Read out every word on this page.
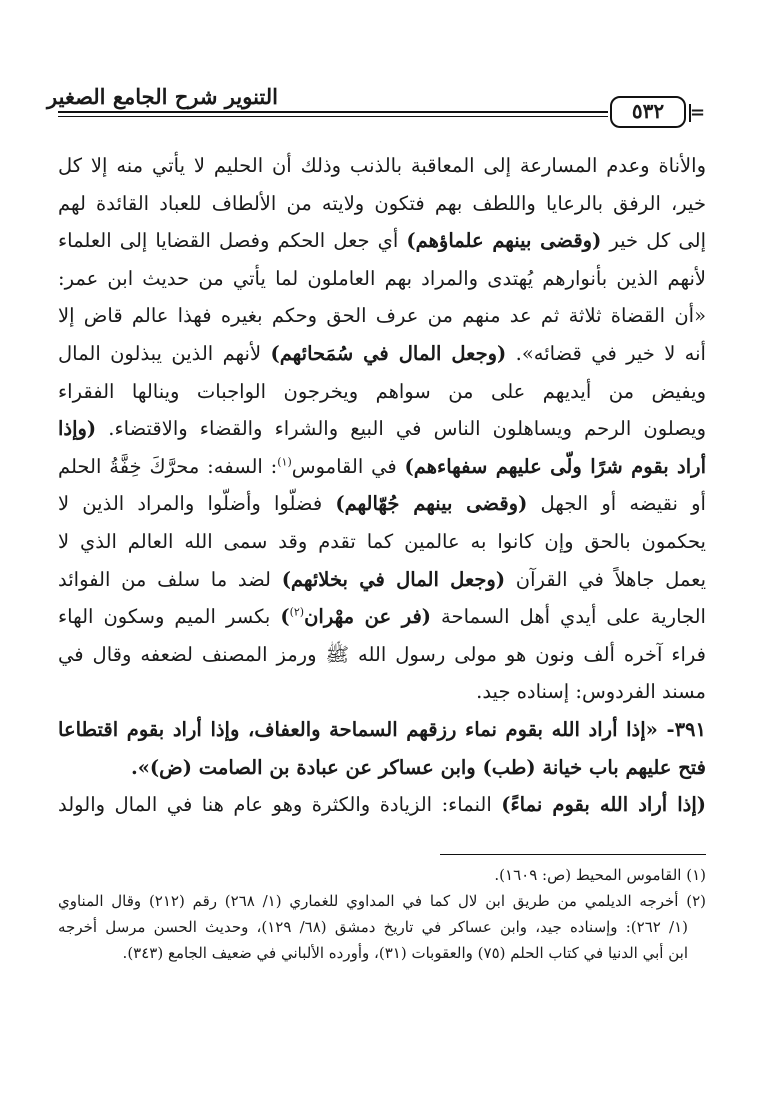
التنوير شرح الجامع الصغير
٥٣٢	=
والأناة وعدم المسارعة إلى المعاقبة بالذنب وذلك أن الحليم لا يأتي منه إلا كل
خير، الرفق بالرعايا واللطف بهم فتكون ولايته من الألطاف للعباد القائدة لهم
إلى كل خير (وقضى بينهم علماؤهم) أي جعل الحكم وفصل القضايا إلى العلماء
لأنهم الذين بأنوارهم يُهتدى والمراد بهم العاملون لما يأتي من حديث ابن عمر:
«أن القضاة ثلاثة ثم عد منهم من عرف الحق وحكم بغيره فهذا عالم قاض إلا
أنه لا خير في قضائه». (وجعل المال في سُمَحائهم) لأنهم الذين يبذلون المال
ويفيض من أيديهم على من سواهم ويخرجون الواجبات وينالها الفقراء
ويصلون الرحم ويساهلون الناس في البيع والشراء والقضاء والاقتضاء. (وإذا
أراد بقوم شرًا ولّى عليهم سفهاءهم) في القاموس$^{(١)}$: السفه: محرَّكَ خِفَّةُ الحلم
أو نقيضه أو الجهل (وقضى بينهم جُهّالهم) فضلّوا وأضلّوا والمراد الذين لا
يحكمون بالحق وإن كانوا به عالمين كما تقدم وقد سمى الله العالم الذي لا
يعمل جاهلاً في القرآن (وجعل المال في بخلائهم) لضد ما سلف من الفوائد
الجارية على أيدي أهل السماحة (فر عن مهْران$^{(٢)}$) بكسر الميم وسكون الهاء
فراء آخره ألف ونون هو مولى رسول الله ﷺ ورمز المصنف لضعفه وقال في
مسند الفردوس: إسناده جيد.
٣٩١- «إذا أراد الله بقوم نماء رزقهم السماحة والعفاف، وإذا أراد بقوم اقتطاعا
فتح عليهم باب خيانة (طب) وابن عساكر عن عبادة بن الصامت (ض)».
(إذا أراد الله بقوم نماءً) النماء: الزيادة والكثرة وهو عام هنا في المال والولد
(١) القاموس المحيط (ص: ١٦٠٩).
(٢) أخرجه الديلمي من طريق ابن لال كما في المداوي للغماري (١/ ٢٦٨) رقم (٢١٢) وقال المناوي
(١/ ٢٦٢): وإسناده جيد، وابن عساكر في تاريخ دمشق (٦٨/ ١٢٩)، وحديث الحسن مرسل أخرجه
ابن أبي الدنيا في كتاب الحلم (٧٥) والعقوبات (٣١)، وأورده الألباني في ضعيف الجامع (٣٤٣).
